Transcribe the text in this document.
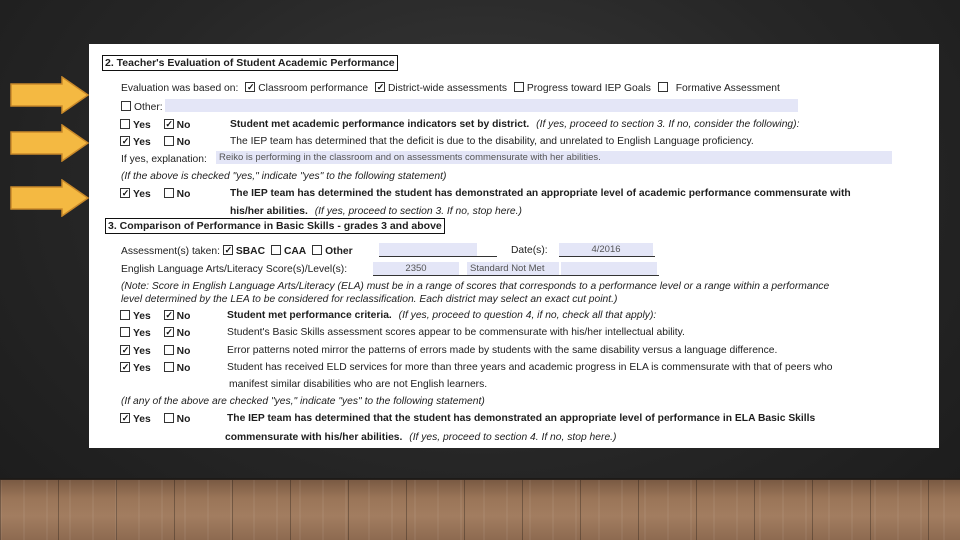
2. Teacher's Evaluation of Student Academic Performance
Evaluation was based on: ✓ Classroom performance ✓ District-wide assessments Progress toward IEP Goals Formative Assessment
Other:
Yes ✓	No	Student met academic performance indicators set by district. (If yes, proceed to section 3. If no, consider the following):
✓Yes	No	The IEP team has determined that the deficit is due to the disability, and unrelated to English Language proficiency.
If yes, explanation:	Reiko is performing in the classroom and on assessments commensurate with her abilities.
(If the above is checked "yes," indicate "yes" to the following statement)
✓Yes	No	The IEP team has determined the student has demonstrated an appropriate level of academic performance commensurate with
his/her abilities. (If yes, proceed to section 3. If no, stop here.)
3. Comparison of Performance in Basic Skills - grades 3 and above
Assessment(s) taken: ✓ SBAC CAA Other	Date(s):	4/2016
English Language Arts/Literacy Score(s)/Level(s):	2350	Standard Not Met
(Note: Score in English Language Arts/Literacy (ELA) must be in a range of scores that corresponds to a performance level or a range within a performance
level determined by the LEA to be considered for reclassification. Each district may select an exact cut point.)
Yes ✓	No	Student met performance criteria. (If yes, proceed to question 4, if no, check all that apply):
Yes ✓	No	Student's Basic Skills assessment scores appear to be commensurate with his/her intellectual ability.
✓Yes	No	Error patterns noted mirror the patterns of errors made by students with the same disability versus a language difference.
✓Yes	No	Student has received ELD services for more than three years and academic progress in ELA is commensurate with that of peers who
manifest similar disabilities who are not English learners.
(If any of the above are checked "yes," indicate "yes" to the following statement)
✓Yes	No	The IEP team has determined that the student has demonstrated an appropriate level of performance in ELA Basic Skills
commensurate with his/her abilities. (If yes, proceed to section 4. If no, stop here.)
